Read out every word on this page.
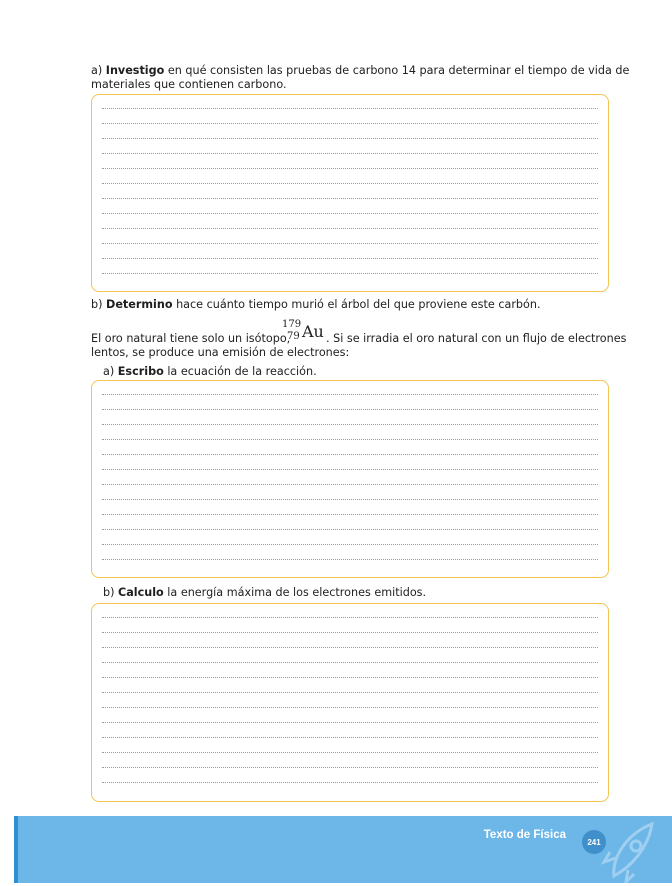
a) Investigo en qué consisten las pruebas de carbono 14 para determinar el tiempo de vida de

materiales que contienen carbono.

b) Determino hace cuánto tiempo murió el árbol del que proviene este carbón.

El oro natural tiene solo un isótopo,

179
79 Au . Si se irradia el oro natural con un flujo de electrones

lentos, se produce una emisión de electrones:

a) Escribo la ecuación de la reacción.

b) Calculo la energía máxima de los electrones emitidos.

Texto de Física
241
